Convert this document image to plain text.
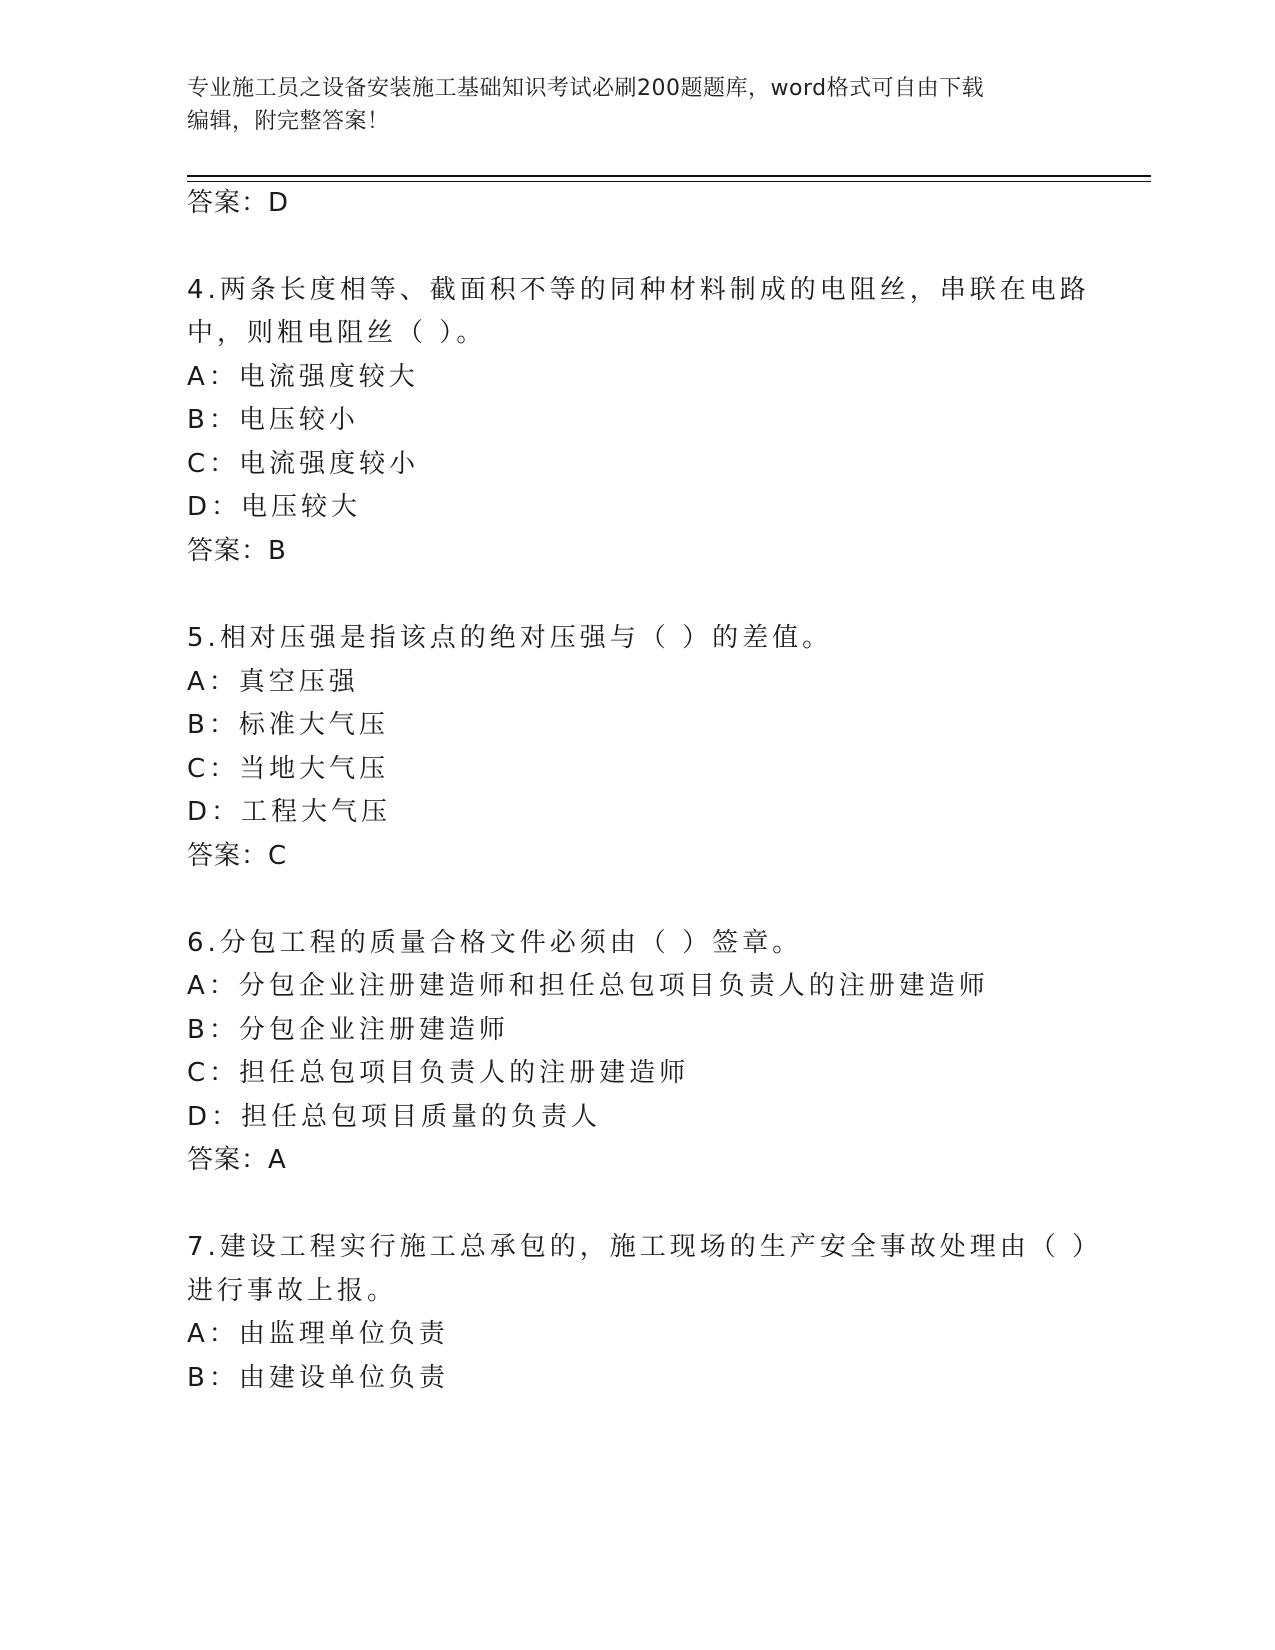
专业施工员之设备安装施工基础知识考试必刷200题题库，word格式可自由下载
编辑，附完整答案！
答案：D
4.两条长度相等、截面积不等的同种材料制成的电阻丝，串联在电路
中，则粗电阻丝（ ）。
A：电流强度较大
B：电压较小
C：电流强度较小
D：电压较大
答案：B
5.相对压强是指该点的绝对压强与（ ）的差值。
A：真空压强
B：标准大气压
C：当地大气压
D：工程大气压
答案：C
6.分包工程的质量合格文件必须由（ ）签章。
A：分包企业注册建造师和担任总包项目负责人的注册建造师
B：分包企业注册建造师
C：担任总包项目负责人的注册建造师
D：担任总包项目质量的负责人
答案：A
7.建设工程实行施工总承包的，施工现场的生产安全事故处理由（ ）
进行事故上报。
A：由监理单位负责
B：由建设单位负责
